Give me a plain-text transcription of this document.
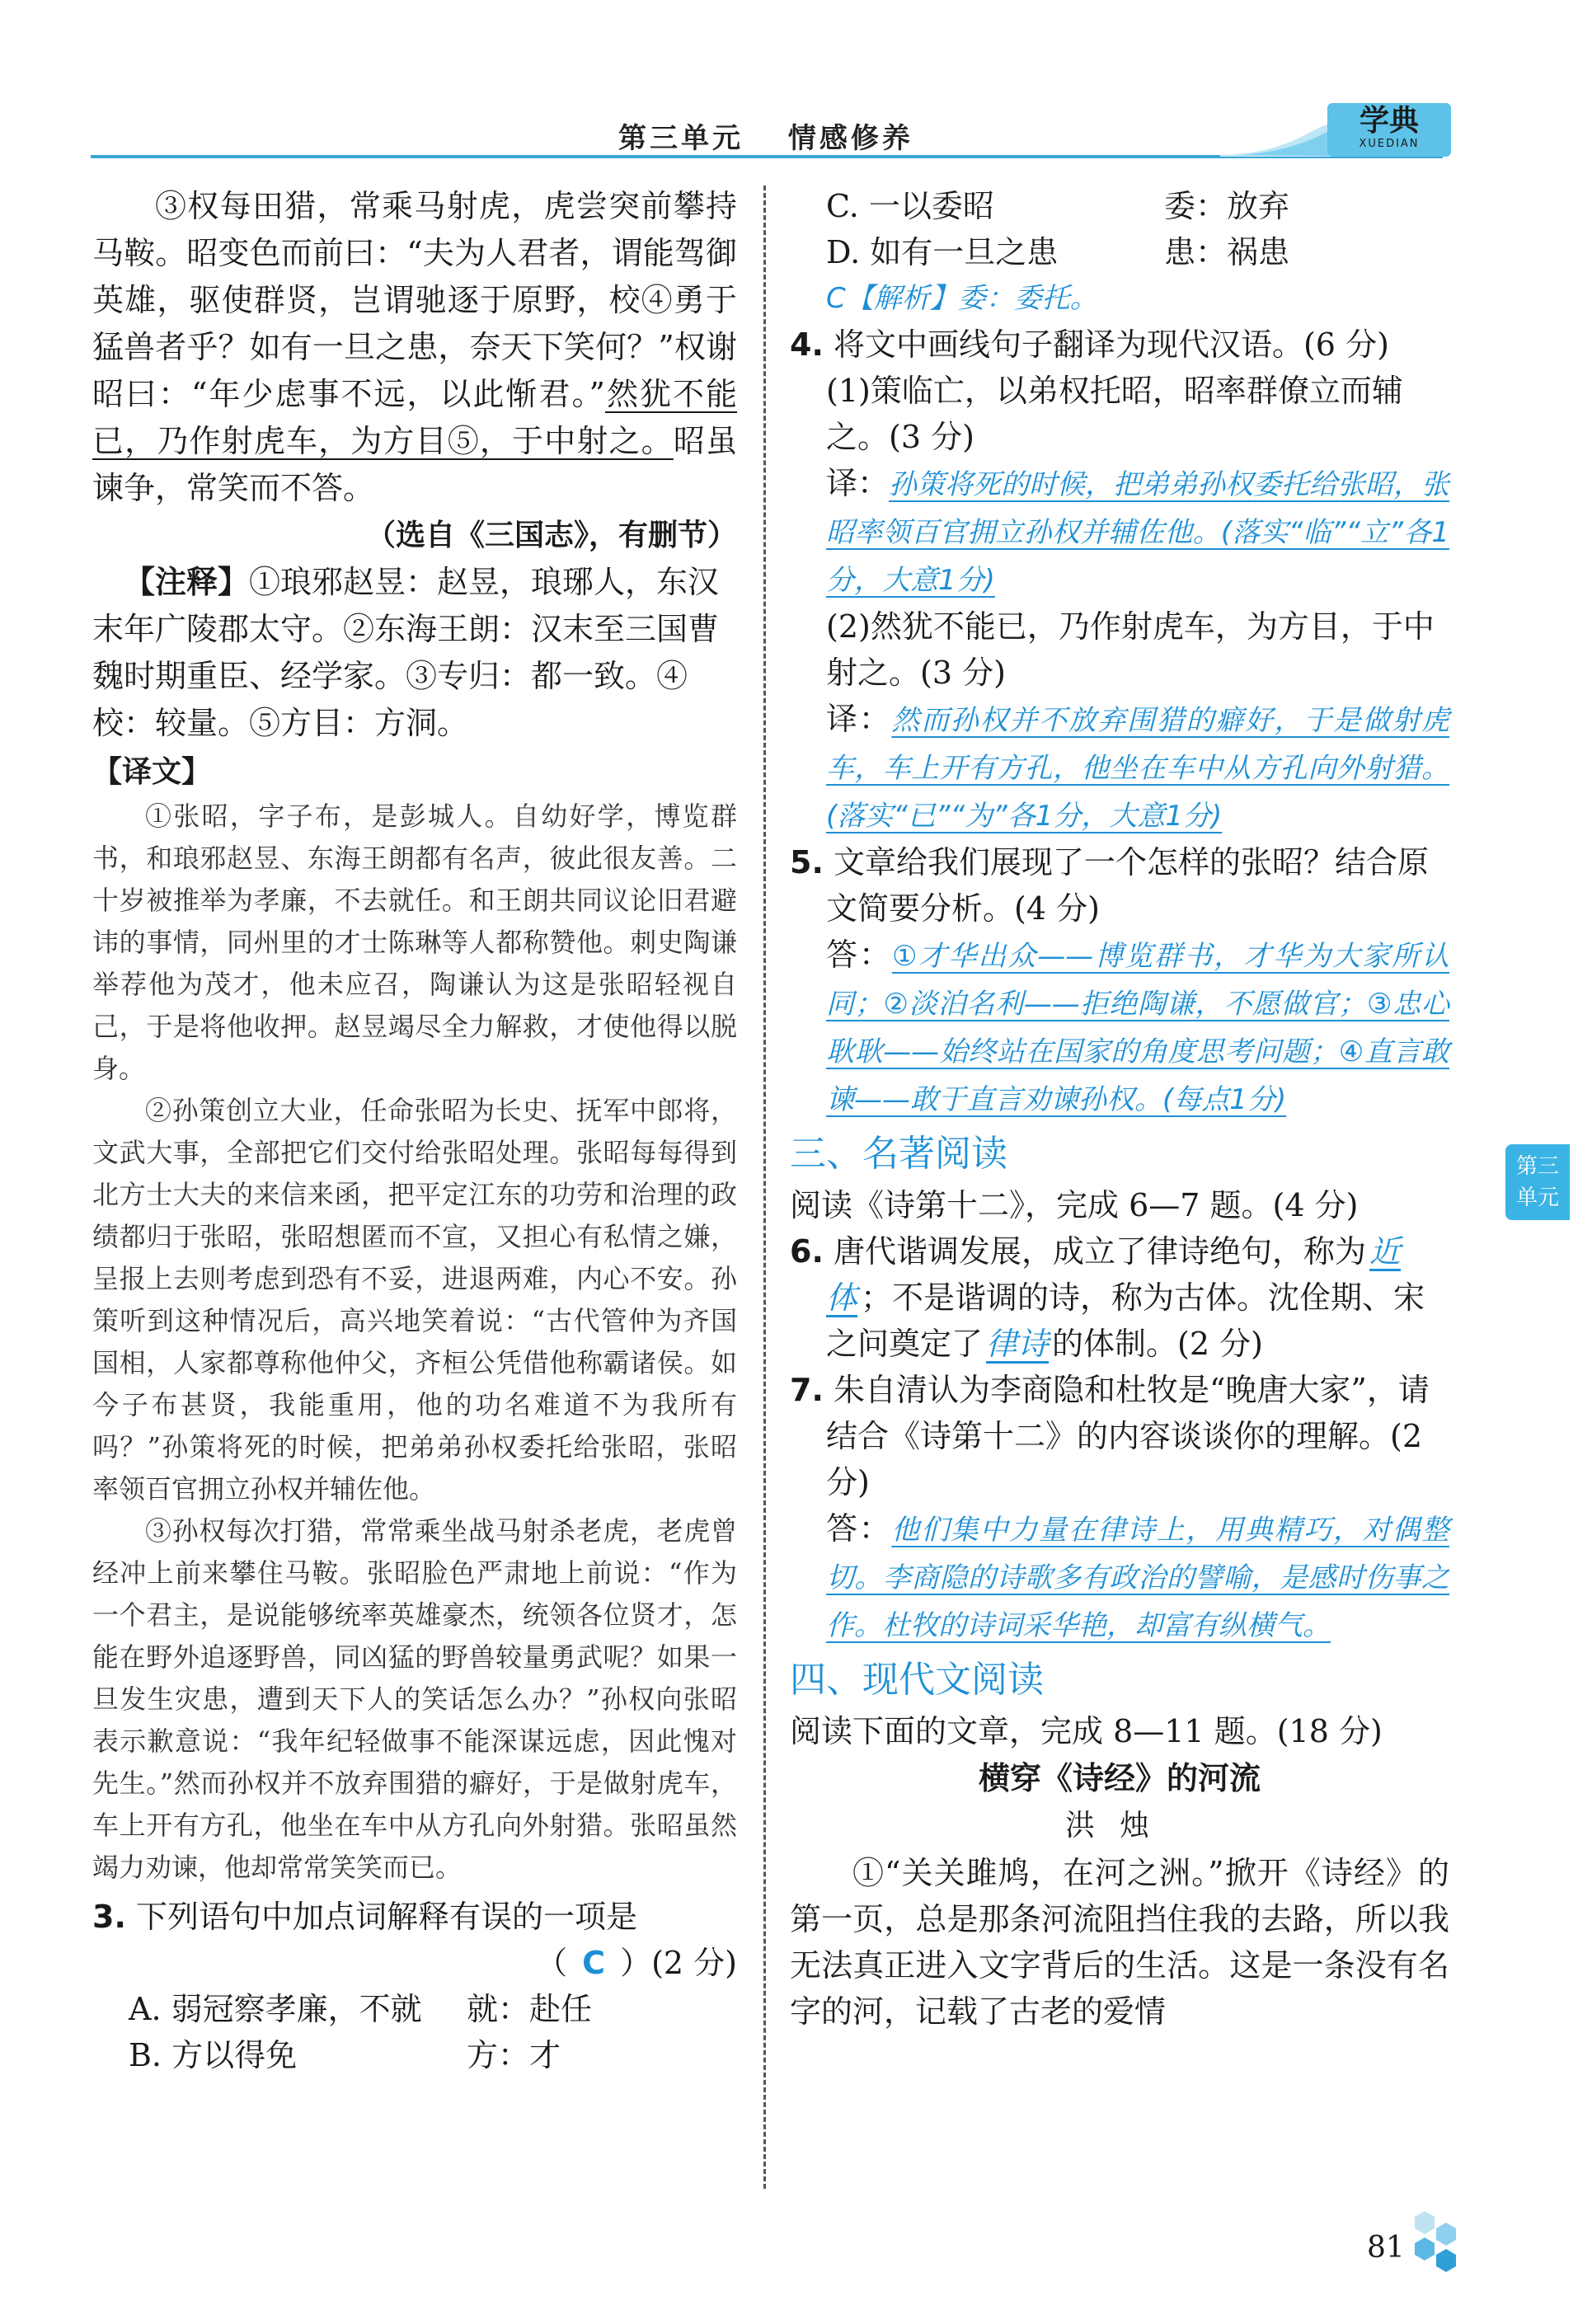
第三单元　 情感修养
学典
XUEDIAN

③权每田猎，常乘马射虎，虎尝突前攀持马鞍。昭变色而前曰：“夫为人君者，谓能驾御英雄，驱使群贤，岂谓驰逐于原野，校④勇于猛兽者乎？如有一旦之患，奈天下笑何？”权谢昭曰：“年少虑事不远，以此惭君。”然犹不能已，乃作射虎车，为方目⑤，于中射之。昭虽谏争，常笑而不答。

（选自《三国志》，有删节）

【注释】①琅邪赵昱：赵昱，琅琊人，东汉末年广陵郡太守。②东海王朗：汉末至三国曹魏时期重臣、经学家。③专归：都一致。④校：较量。⑤方目：方洞。

【译文】

①张昭，字子布，是彭城人。自幼好学，博览群书，和琅邪赵昱、东海王朗都有名声，彼此很友善。二十岁被推举为孝廉，不去就任。和王朗共同议论旧君避讳的事情，同州里的才士陈琳等人都称赞他。刺史陶谦举荐他为茂才，他未应召，陶谦认为这是张昭轻视自己，于是将他收押。赵昱竭尽全力解救，才使他得以脱身。

②孙策创立大业，任命张昭为长史、抚军中郎将，文武大事，全部把它们交付给张昭处理。张昭每每得到北方士大夫的来信来函，把平定江东的功劳和治理的政绩都归于张昭，张昭想匿而不宣，又担心有私情之嫌，呈报上去则考虑到恐有不妥，进退两难，内心不安。孙策听到这种情况后，高兴地笑着说：“古代管仲为齐国国相，人家都尊称他仲父，齐桓公凭借他称霸诸侯。如今子布甚贤，我能重用，他的功名难道不为我所有吗？”孙策将死的时候，把弟弟孙权委托给张昭，张昭率领百官拥立孙权并辅佐他。

③孙权每次打猎，常常乘坐战马射杀老虎，老虎曾经冲上前来攀住马鞍。张昭脸色严肃地上前说：“作为一个君主，是说能够统率英雄豪杰，统领各位贤才，怎能在野外追逐野兽，同凶猛的野兽较量勇武呢？如果一旦发生灾患，遭到天下人的笑话怎么办？”孙权向张昭表示歉意说：“我年纪轻做事不能深谋远虑，因此愧对先生。”然而孙权并不放弃围猎的癖好，于是做射虎车，车上开有方孔，他坐在车中从方孔向外射猎。张昭虽然竭力劝谏，他却常常笑笑而已。

3. 下列语句中加点词解释有误的一项是

（ C ）(2 分)

A. 弱冠察孝廉，不就	就：赴任

B. 方以得免	方：才

C. 一以委昭	委：放弃

D. 如有一旦之患	患：祸患

C【解析】委：委托。

4. 将文中画线句子翻译为现代汉语。(6 分)

(1)策临亡，以弟权托昭，昭率群僚立而辅之。(3 分)

译：孙策将死的时候，把弟弟孙权委托给张昭，张昭率领百官拥立孙权并辅佐他。(落实“临”“立”各1分，大意1分)

(2)然犹不能已，乃作射虎车，为方目，于中射之。(3 分)

译：然而孙权并不放弃围猎的癖好，于是做射虎车，车上开有方孔，他坐在车中从方孔向外射猎。(落实“已”“为”各1分，大意1分)

5. 文章给我们展现了一个怎样的张昭？结合原文简要分析。(4 分)

答：①才华出众——博览群书，才华为大家所认同；②淡泊名利——拒绝陶谦，不愿做官；③忠心耿耿——始终站在国家的角度思考问题；④直言敢谏——敢于直言劝谏孙权。(每点1分)

三、名著阅读

阅读《诗第十二》，完成 6—7 题。(4 分)

6. 唐代谐调发展，成立了律诗绝句，称为 近体 ；不是谐调的诗，称为古体。沈佺期、宋之问奠定了 律诗 的体制。(2 分)

7. 朱自清认为李商隐和杜牧是“晚唐大家”，请结合《诗第十二》的内容谈谈你的理解。(2 分)

答：他们集中力量在律诗上，用典精巧，对偶整切。李商隐的诗歌多有政治的譬喻，是感时伤事之作。杜牧的诗词采华艳，却富有纵横气。

四、现代文阅读

阅读下面的文章，完成 8—11 题。(18 分)

横穿《诗经》的河流

洪烛

①“关关雎鸠，在河之洲。”掀开《诗经》的第一页，总是那条河流阻挡住我的去路，所以我无法真正进入文字背后的生活。这是一条没有名字的河，记载了古老的爱情

第三
单元
81
